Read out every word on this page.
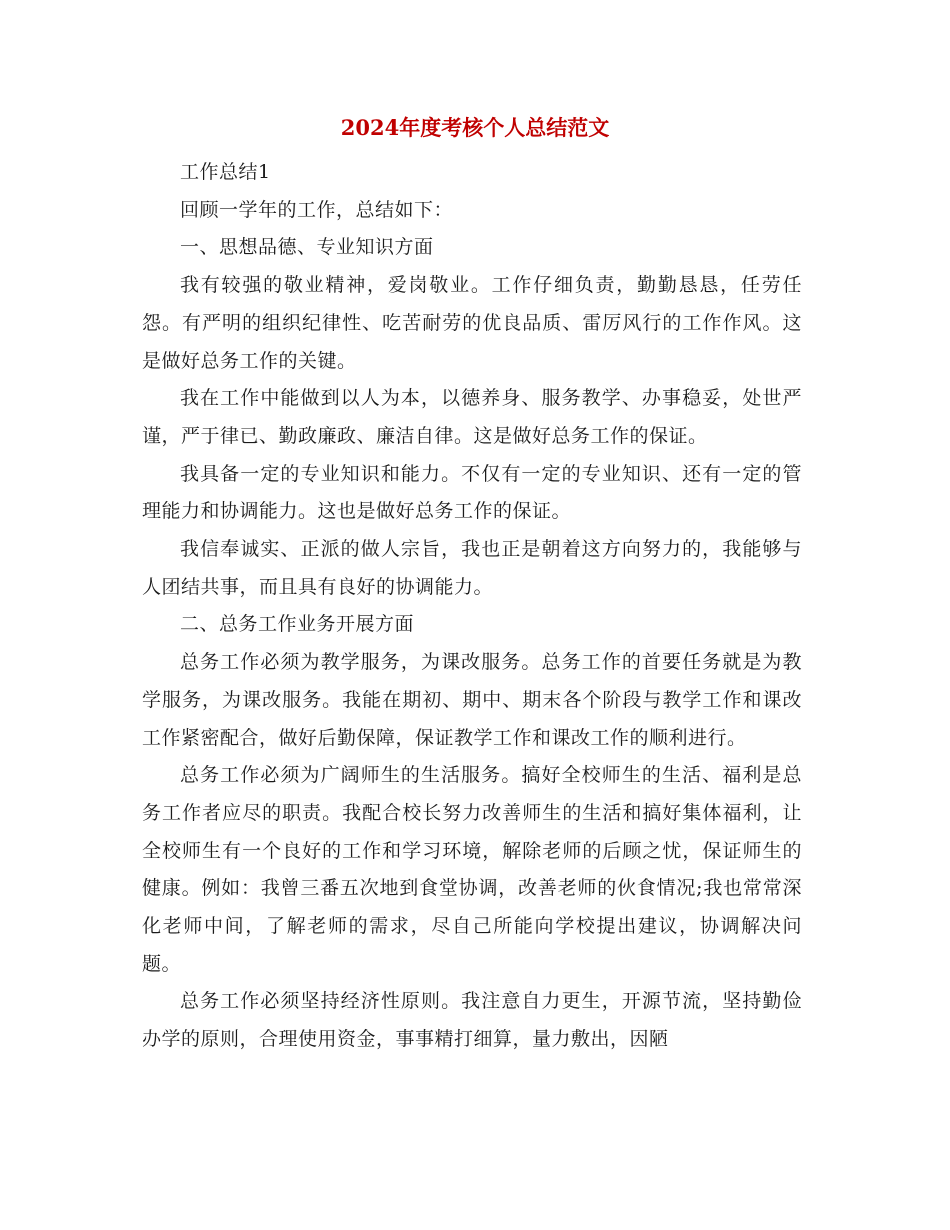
2024年度考核个人总结范文

工作总结1

回顾一学年的工作，总结如下：

一、思想品德、专业知识方面

我有较强的敬业精神，爱岗敬业。工作仔细负责，勤勤恳恳，任劳任怨。有严明的组织纪律性、吃苦耐劳的优良品质、雷厉风行的工作作风。这是做好总务工作的关键。

我在工作中能做到以人为本，以德养身、服务教学、办事稳妥，处世严谨，严于律已、勤政廉政、廉洁自律。这是做好总务工作的保证。

我具备一定的专业知识和能力。不仅有一定的专业知识、还有一定的管理能力和协调能力。这也是做好总务工作的保证。

我信奉诚实、正派的做人宗旨，我也正是朝着这方向努力的，我能够与人团结共事，而且具有良好的协调能力。

二、总务工作业务开展方面

总务工作必须为教学服务，为课改服务。总务工作的首要任务就是为教学服务，为课改服务。我能在期初、期中、期末各个阶段与教学工作和课改工作紧密配合，做好后勤保障，保证教学工作和课改工作的顺利进行。

总务工作必须为广阔师生的生活服务。搞好全校师生的生活、福利是总务工作者应尽的职责。我配合校长努力改善师生的生活和搞好集体福利，让全校师生有一个良好的工作和学习环境，解除老师的后顾之忧，保证师生的健康。例如：我曾三番五次地到食堂协调，改善老师的伙食情况;我也常常深化老师中间，了解老师的需求，尽自己所能向学校提出建议，协调解决问题。

总务工作必须坚持经济性原则。我注意自力更生，开源节流，坚持勤俭办学的原则，合理使用资金，事事精打细算，量力敷出，因陋
